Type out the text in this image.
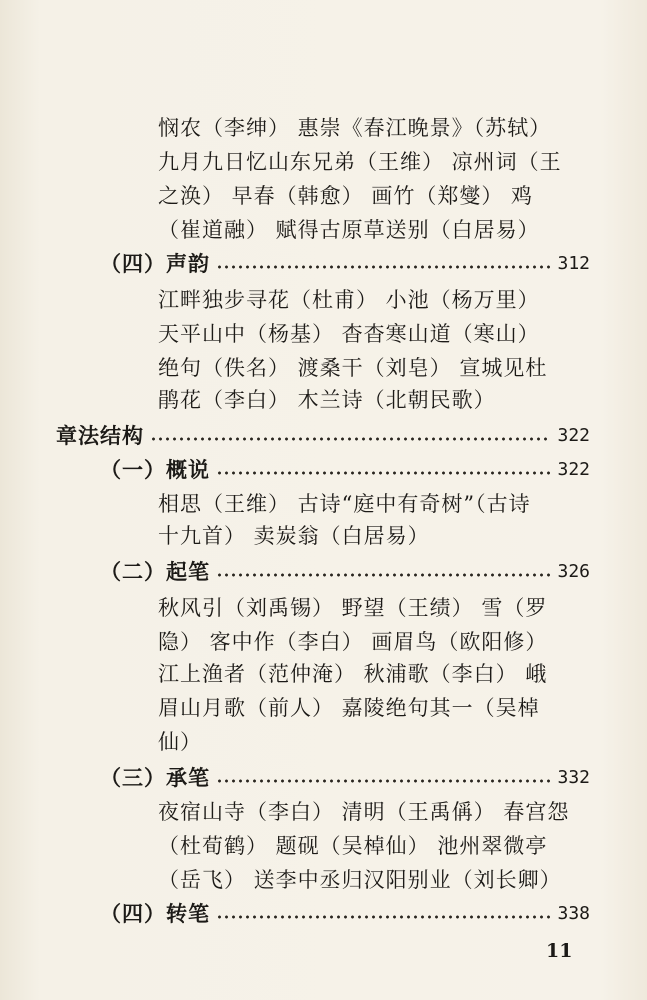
悯农（李绅） 惠崇《春江晚景》（苏轼）
九月九日忆山东兄弟（王维） 凉州词（王
之涣） 早春（韩愈） 画竹（郑燮） 鸡
（崔道融） 赋得古原草送别（白居易）
（四）声韵	312
江畔独步寻花（杜甫） 小池（杨万里）
天平山中（杨基） 杳杳寒山道（寒山）
绝句（佚名） 渡桑干（刘皂） 宣城见杜
鹃花（李白） 木兰诗（北朝民歌）
章法结构	322
（一）概说	322
相思（王维） 古诗“庭中有奇树”（古诗
十九首） 卖炭翁（白居易）
（二）起笔	326
秋风引（刘禹锡） 野望（王绩） 雪（罗
隐） 客中作（李白） 画眉鸟（欧阳修）
江上渔者（范仲淹） 秋浦歌（李白） 峨
眉山月歌（前人） 嘉陵绝句其一（吴棹
仙）
（三）承笔	332
夜宿山寺（李白） 清明（王禹偁） 春宫怨
（杜荀鹤） 题砚（吴棹仙） 池州翠微亭
（岳飞） 送李中丞归汉阳别业（刘长卿）
（四）转笔	338
11
